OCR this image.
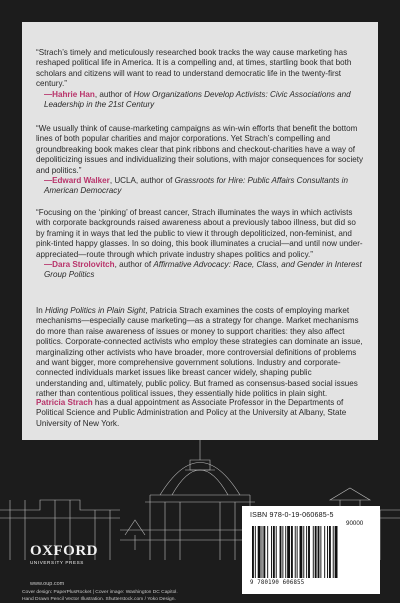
“Strach’s timely and meticulously researched book tracks the way cause marketing has reshaped political life in America. It is a compelling and, at times, startling book that both scholars and citizens will want to read to understand democratic life in the twenty-first century.”
—Hahrie Han, author of How Organizations Develop Activists: Civic Associations and Leadership in the 21st Century
“We usually think of cause-marketing campaigns as win-win efforts that benefit the bottom lines of both popular charities and major corporations. Yet Strach’s compelling and groundbreaking book makes clear that pink ribbons and checkout-charities have a way of depoliticizing issues and individualizing their solutions, with major consequences for society and politics.”
—Edward Walker, UCLA, author of Grassroots for Hire: Public Affairs Consultants in American Democracy
“Focusing on the ‘pinking’ of breast cancer, Strach illuminates the ways in which activists with corporate backgrounds raised awareness about a previously taboo illness, but did so by framing it in ways that led the public to view it through depoliticized, non-feminist, and pink-tinted happy glasses. In so doing, this book illuminates a crucial—and until now under-appreciated—route through which private industry shapes politics and policy.”
—Dara Strolovitch, author of Affirmative Advocacy: Race, Class, and Gender in Interest Group Politics
In Hiding Politics in Plain Sight, Patricia Strach examines the costs of employing market mechanisms—especially cause marketing—as a strategy for change. Market mechanisms do more than raise awareness of issues or money to support charities: they also affect politics. Corporate-connected activists who employ these strategies can dominate an issue, marginalizing other activists who have broader, more controversial definitions of problems and want bigger, more comprehensive government solutions. Industry and corporate-connected individuals market issues like breast cancer widely, shaping public understanding and, ultimately, public policy. But framed as consensus-based social issues rather than contentious political issues, they essentially hide politics in plain sight.
Patricia Strach has a dual appointment as Associate Professor in the Departments of Political Science and Public Administration and Policy at the University at Albany, State University of New York.
OXFORD
UNIVERSITY PRESS
www.oup.com
Cover design: PaperPlusRocket | Cover image: Washington DC Capitol.
Hand Drawn Pencil Vector Illustration. Shutterstock.com / Yoko Design.
ISBN 978-0-19-060685-5
90000
9 780190 606855
